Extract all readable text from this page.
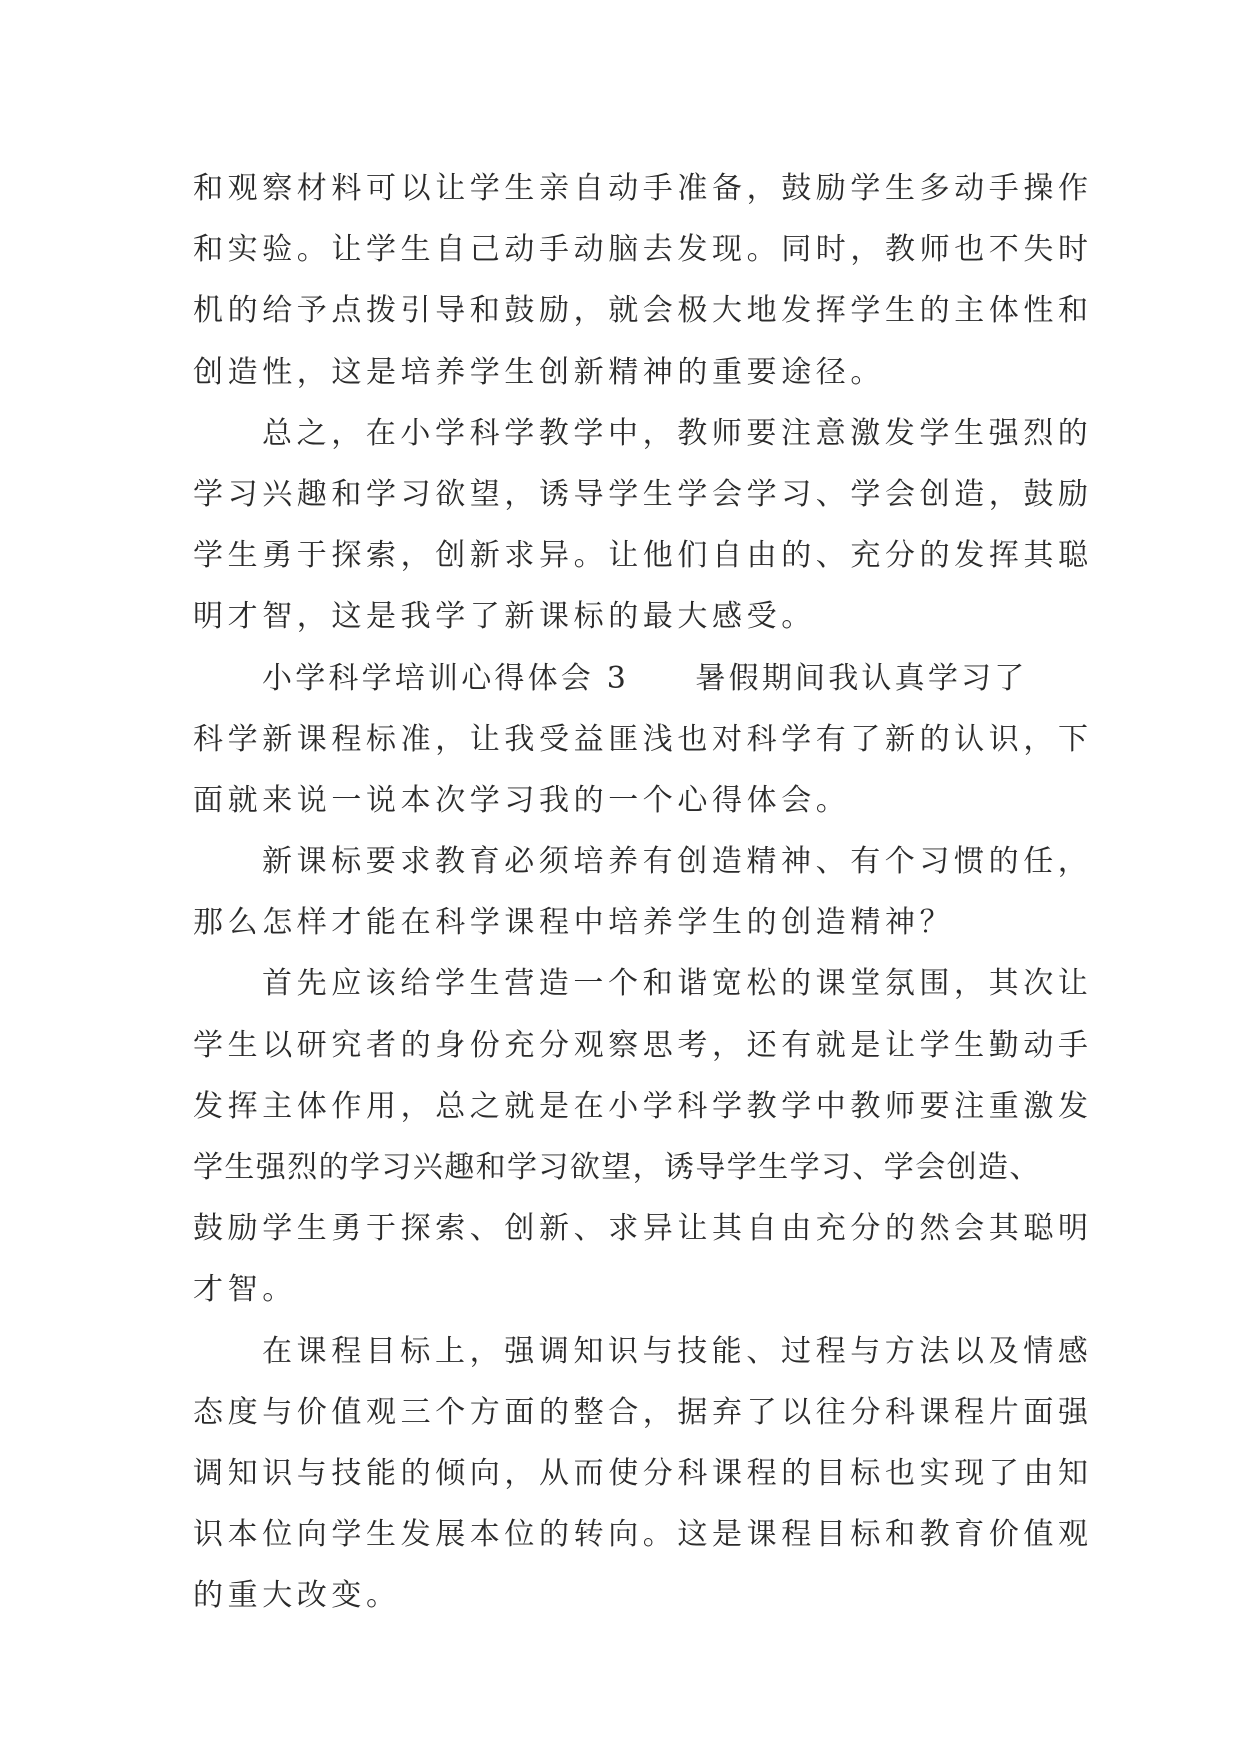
和观察材料可以让学生亲自动手准备，鼓励学生多动手操作
和实验。让学生自己动手动脑去发现。同时，教师也不失时
机的给予点拨引导和鼓励，就会极大地发挥学生的主体性和
创造性，这是培养学生创新精神的重要途径。
总之，在小学科学教学中，教师要注意激发学生强烈的
学习兴趣和学习欲望，诱导学生学会学习、学会创造，鼓励
学生勇于探索，创新求异。让他们自由的、充分的发挥其聪
明才智，这是我学了新课标的最大感受。
小学科学培训心得体会 3　　暑假期间我认真学习了
科学新课程标准，让我受益匪浅也对科学有了新的认识，下
面就来说一说本次学习我的一个心得体会。
新课标要求教育必须培养有创造精神、有个习惯的任，
那么怎样才能在科学课程中培养学生的创造精神？
首先应该给学生营造一个和谐宽松的课堂氛围，其次让
学生以研究者的身份充分观察思考，还有就是让学生勤动手
发挥主体作用，总之就是在小学科学教学中教师要注重激发
学生强烈的学习兴趣和学习欲望，诱导学生学习、学会创造、
鼓励学生勇于探索、创新、求异让其自由充分的然会其聪明
才智。
在课程目标上，强调知识与技能、过程与方法以及情感
态度与价值观三个方面的整合，据弃了以往分科课程片面强
调知识与技能的倾向，从而使分科课程的目标也实现了由知
识本位向学生发展本位的转向。这是课程目标和教育价值观
的重大改变。
